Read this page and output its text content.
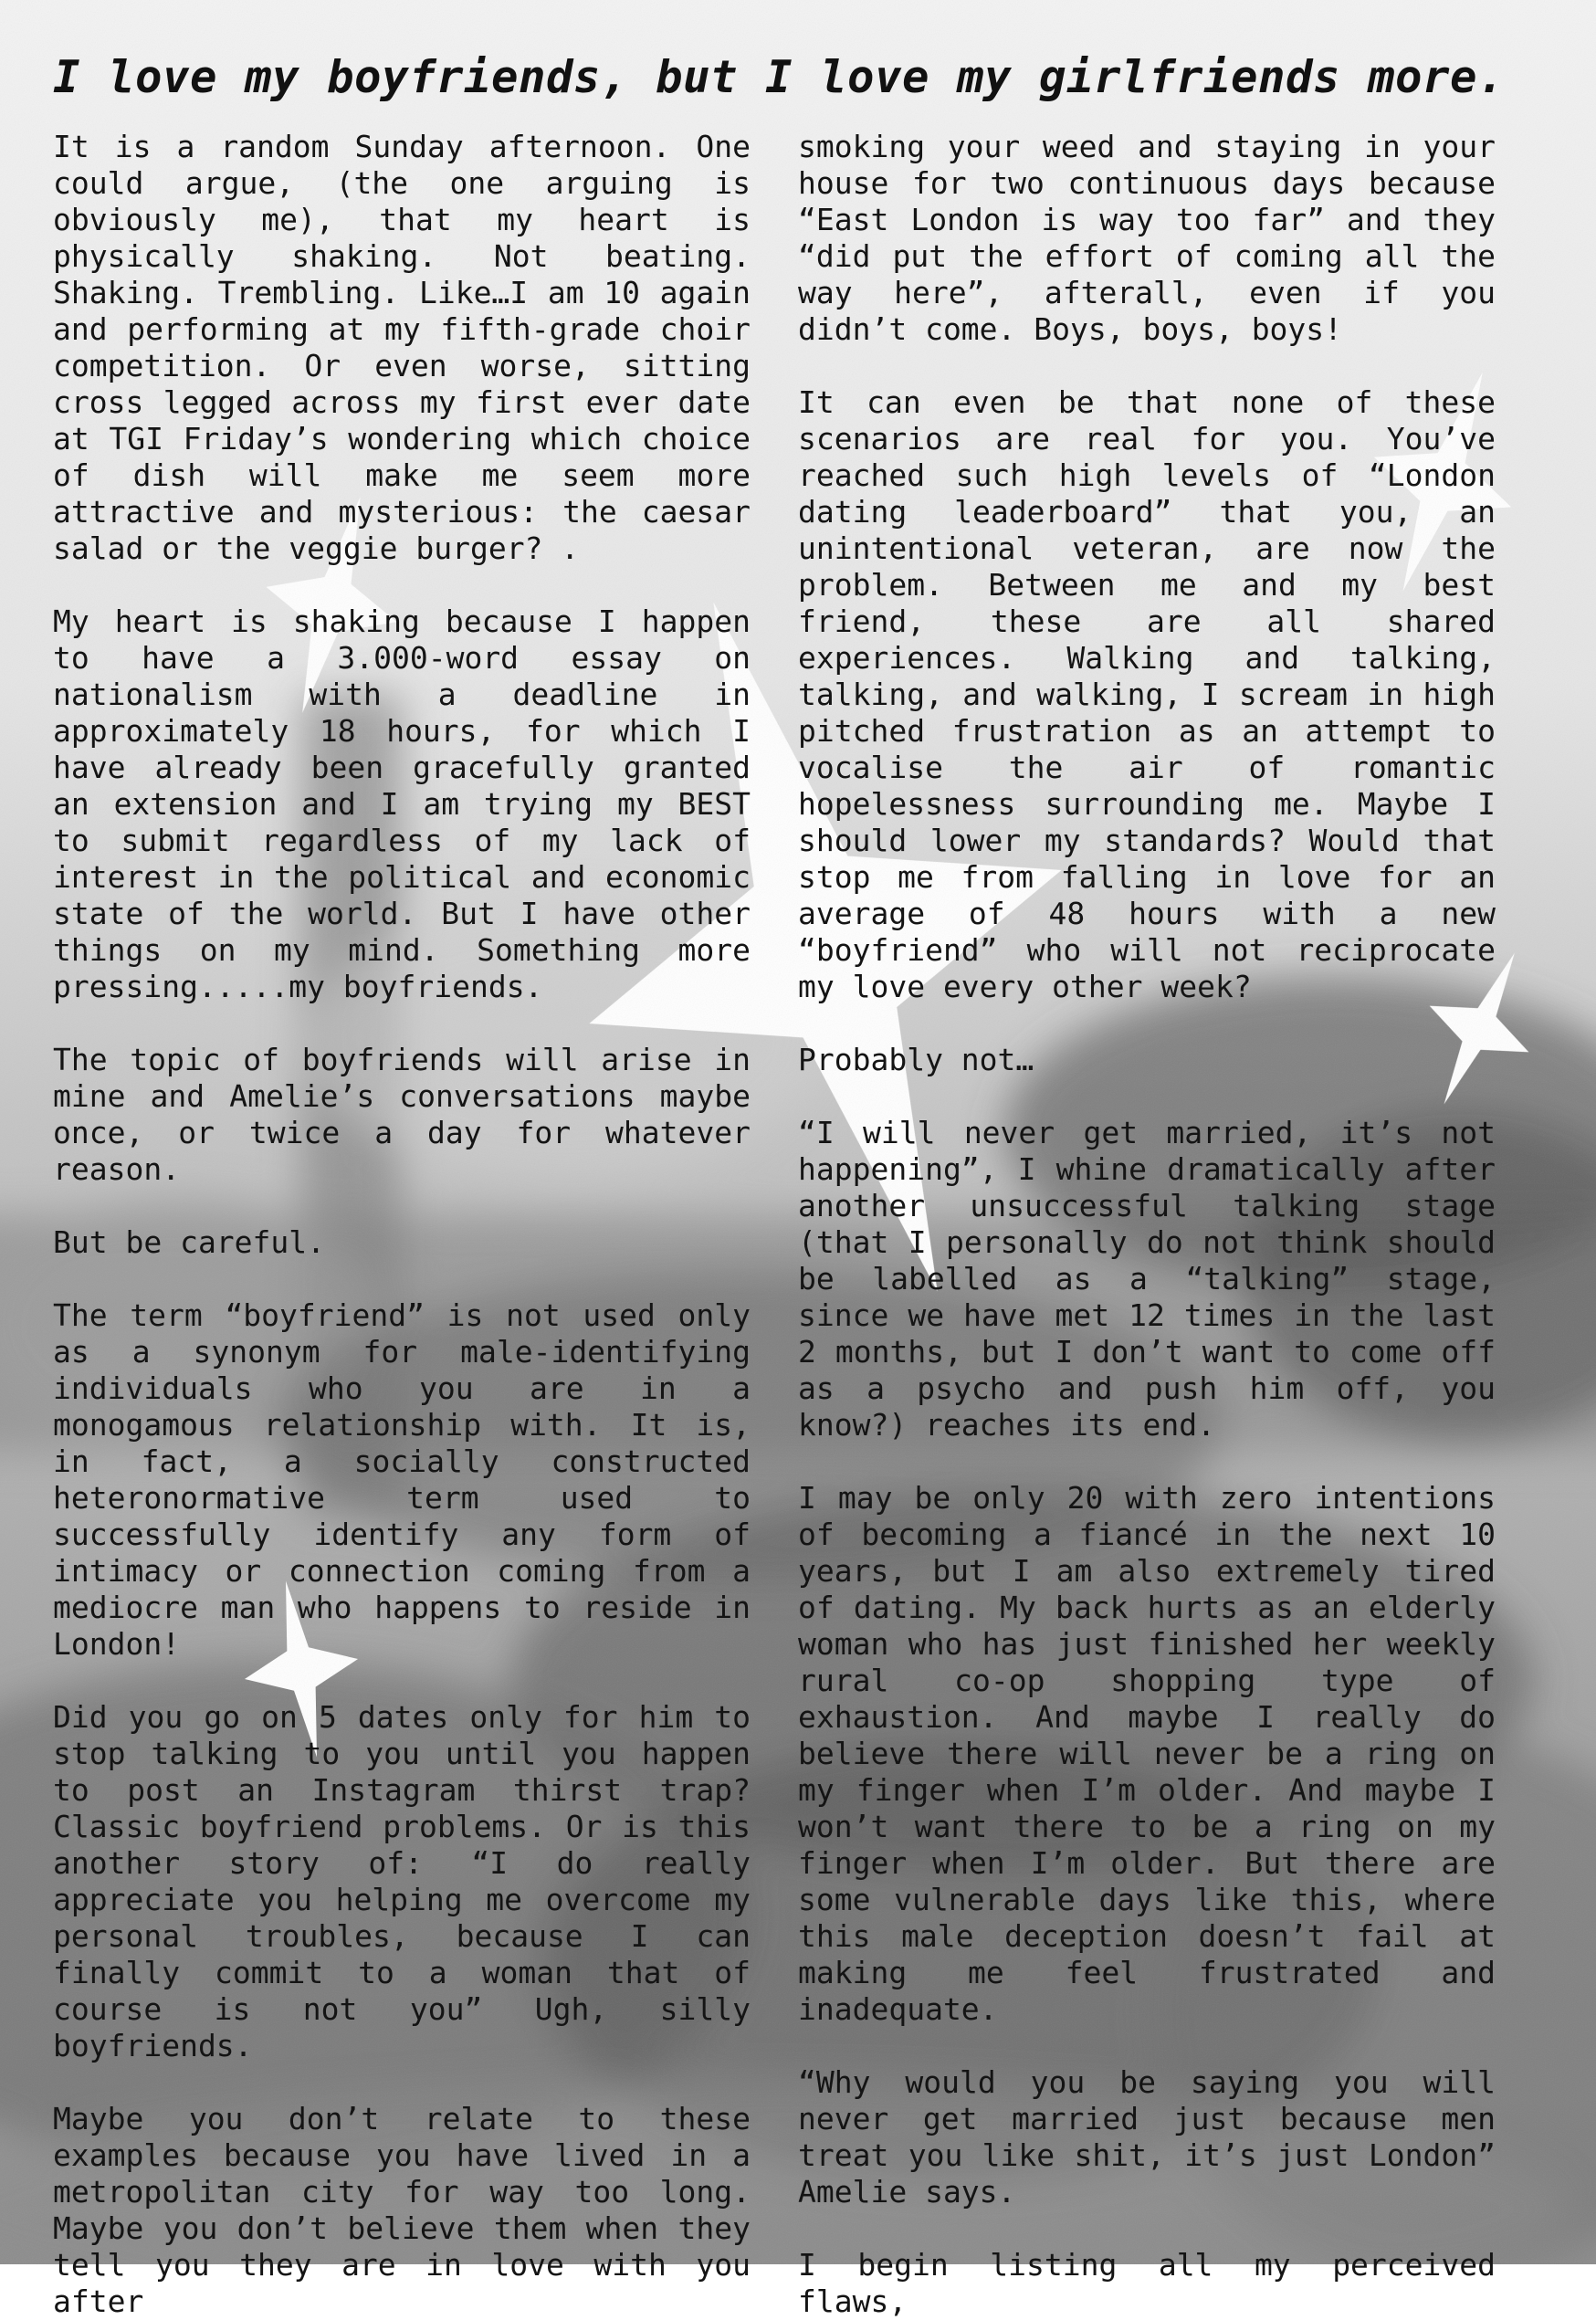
I love my boyfriends, but I love my girlfriends more.

It is a random Sunday afternoon. One could argue, (the one arguing is obviously me), that my heart is physically shaking. Not beating. Shaking. Trembling. Like…I am 10 again and performing at my fifth-grade choir competition. Or even worse, sitting cross legged across my first ever date at TGI Friday’s wondering which choice of dish will make me seem more attractive and mysterious: the caesar salad or the veggie burger? .

My heart is shaking because I happen to have a 3.000-word essay on nationalism with a deadline in approximately 18 hours, for which I have already been gracefully granted an extension and I am trying my BEST to submit regardless of my lack of interest in the political and economic state of the world. But I have other things on my mind. Something more pressing.....my boyfriends.

The topic of boyfriends will arise in mine and Amelie’s conversations maybe once, or twice a day for whatever reason.

But be careful.

The term “boyfriend” is not used only as a synonym for male-identifying individuals who you are in a monogamous relationship with. It is, in fact, a socially constructed heteronormative term used to successfully identify any form of intimacy or connection coming from a mediocre man who happens to reside in London!

Did you go on 5 dates only for him to stop talking to you until you happen to post an Instagram thirst trap? Classic boyfriend problems. Or is this another story of: “I do really appreciate you helping me overcome my personal troubles, because I can finally commit to a woman that of course is not you” Ugh, silly boyfriends.

Maybe you don’t relate to these examples because you have lived in a metropolitan city for way too long. Maybe you don’t believe them when they tell you they are in love with you after

smoking your weed and staying in your house for two continuous days because “East London is way too far” and they “did put the effort of coming all the way here”, afterall, even if you didn’t come. Boys, boys, boys!

It can even be that none of these scenarios are real for you. You’ve reached such high levels of “London dating leaderboard” that you, an unintentional veteran, are now the problem. Between me and my best friend, these are all shared experiences. Walking and talking, talking, and walking, I scream in high pitched frustration as an attempt to vocalise the air of romantic hopelessness surrounding me. Maybe I should lower my standards? Would that stop me from falling in love for an average of 48 hours with a new “boyfriend” who will not reciprocate my love every other week?

Probably not…

“I will never get married, it’s not happening”, I whine dramatically after another unsuccessful talking stage (that I personally do not think should be labelled as a “talking” stage, since we have met 12 times in the last 2 months, but I don’t want to come off as a psycho and push him off, you know?) reaches its end.

I may be only 20 with zero intentions of becoming a fiancé in the next 10 years, but I am also extremely tired of dating. My back hurts as an elderly woman who has just finished her weekly rural co-op shopping type of exhaustion. And maybe I really do believe there will never be a ring on my finger when I’m older. And maybe I won’t want there to be a ring on my finger when I’m older. But there are some vulnerable days like this, where this male deception doesn’t fail at making me feel frustrated and inadequate.

“Why would you be saying you will never get married just because men treat you like shit, it’s just London” Amelie says.

I begin listing all my perceived flaws,
